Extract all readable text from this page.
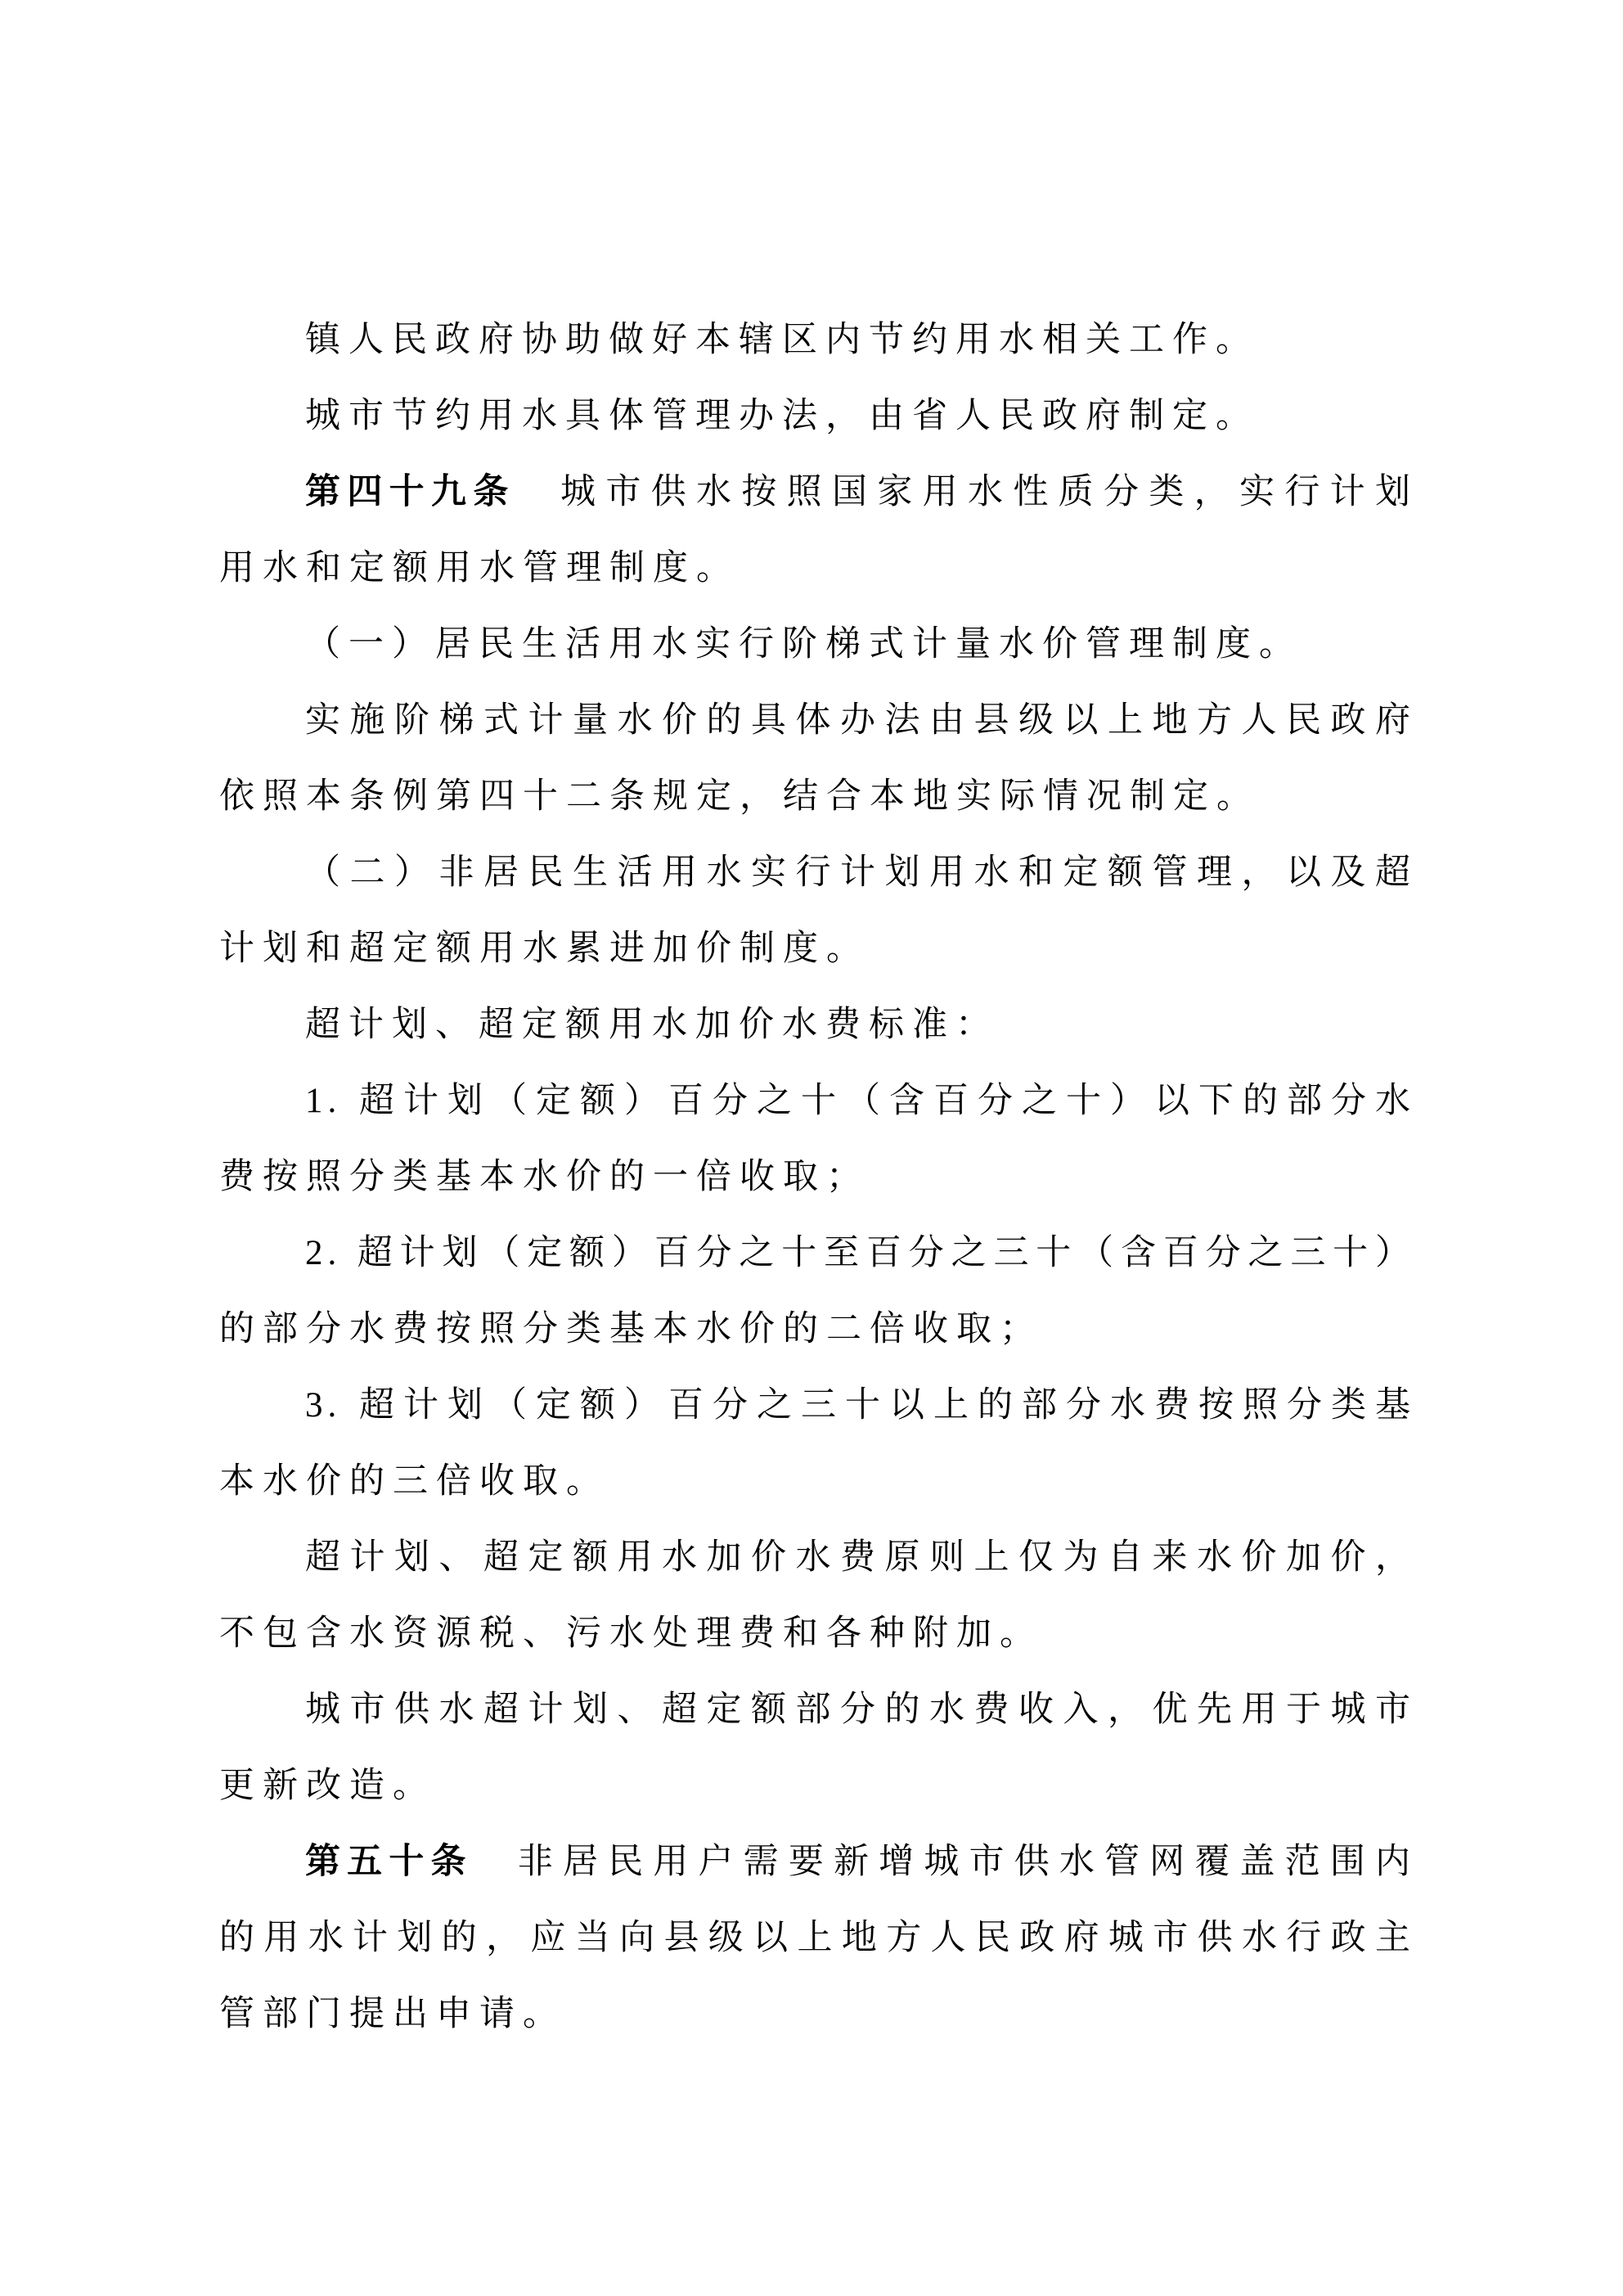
镇人民政府协助做好本辖区内节约用水相关工作。
城市节约用水具体管理办法，由省人民政府制定。
第四十九条　城市供水按照国家用水性质分类，实行计划
用水和定额用水管理制度。
（一）居民生活用水实行阶梯式计量水价管理制度。
实施阶梯式计量水价的具体办法由县级以上地方人民政府
依照本条例第四十二条规定，结合本地实际情况制定。
（二）非居民生活用水实行计划用水和定额管理，以及超
计划和超定额用水累进加价制度。
超计划、超定额用水加价水费标准：
1. 超计划（定额）百分之十（含百分之十）以下的部分水
费按照分类基本水价的一倍收取；
2. 超计划（定额）百分之十至百分之三十（含百分之三十）
的部分水费按照分类基本水价的二倍收取；
3. 超计划（定额）百分之三十以上的部分水费按照分类基
本水价的三倍收取。
超计划、超定额用水加价水费原则上仅为自来水价加价，
不包含水资源税、污水处理费和各种附加。
城市供水超计划、超定额部分的水费收入，优先用于城市
更新改造。
第五十条　非居民用户需要新增城市供水管网覆盖范围内
的用水计划的，应当向县级以上地方人民政府城市供水行政主
管部门提出申请。
